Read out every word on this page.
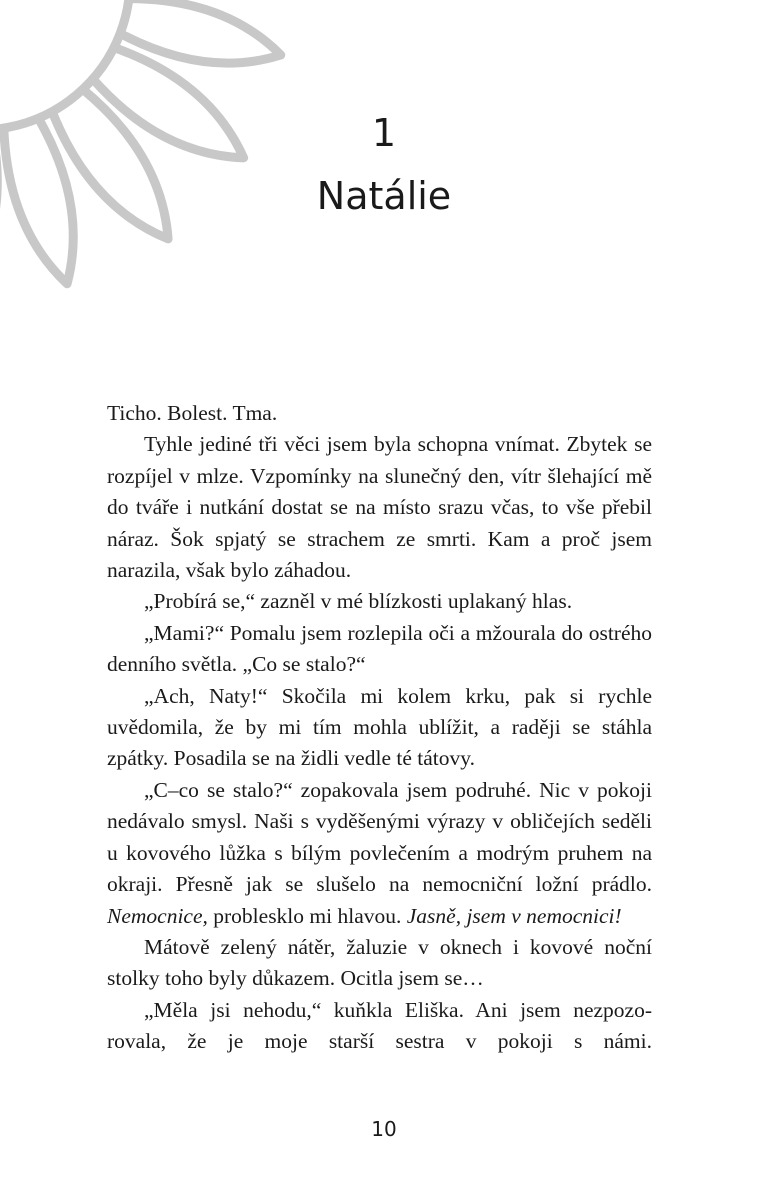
1
Natálie

Ticho. Bolest. Tma.

Tyhle jediné tři věci jsem byla schopna vnímat. Zbytek se rozpíjel v mlze. Vzpomínky na slunečný den, vítr šlehající mě do tváře i nutkání dostat se na místo srazu včas, to vše přebil náraz. Šok spjatý se strachem ze smrti. Kam a proč jsem narazila, však bylo záhadou.

„Probírá se,“ zazněl v mé blízkosti uplakaný hlas.

„Mami?“ Pomalu jsem rozlepila oči a mžourala do ostrého denního světla. „Co se stalo?“

„Ach, Naty!“ Skočila mi kolem krku, pak si rychle uvědomila, že by mi tím mohla ublížit, a raději se stáhla zpátky. Posadila se na židli vedle té tátovy.

„C–co se stalo?“ zopakovala jsem podruhé. Nic v pokoji nedávalo smysl. Naši s vyděšenými výrazy v obličejích seděli u kovového lůžka s bílým povlečením a modrým pruhem na okraji. Přesně jak se slušelo na nemocniční ložní prádlo. Nemocnice, problesklo mi hlavou. Jasně, jsem v nemocnici!

Mátově zelený nátěr, žaluzie v oknech i kovové noční stolky toho byly důkazem. Ocitla jsem se…

„Měla jsi nehodu,“ kuňkla Eliška. Ani jsem nezpozorovala, že je moje starší sestra v pokoji s námi.

10
